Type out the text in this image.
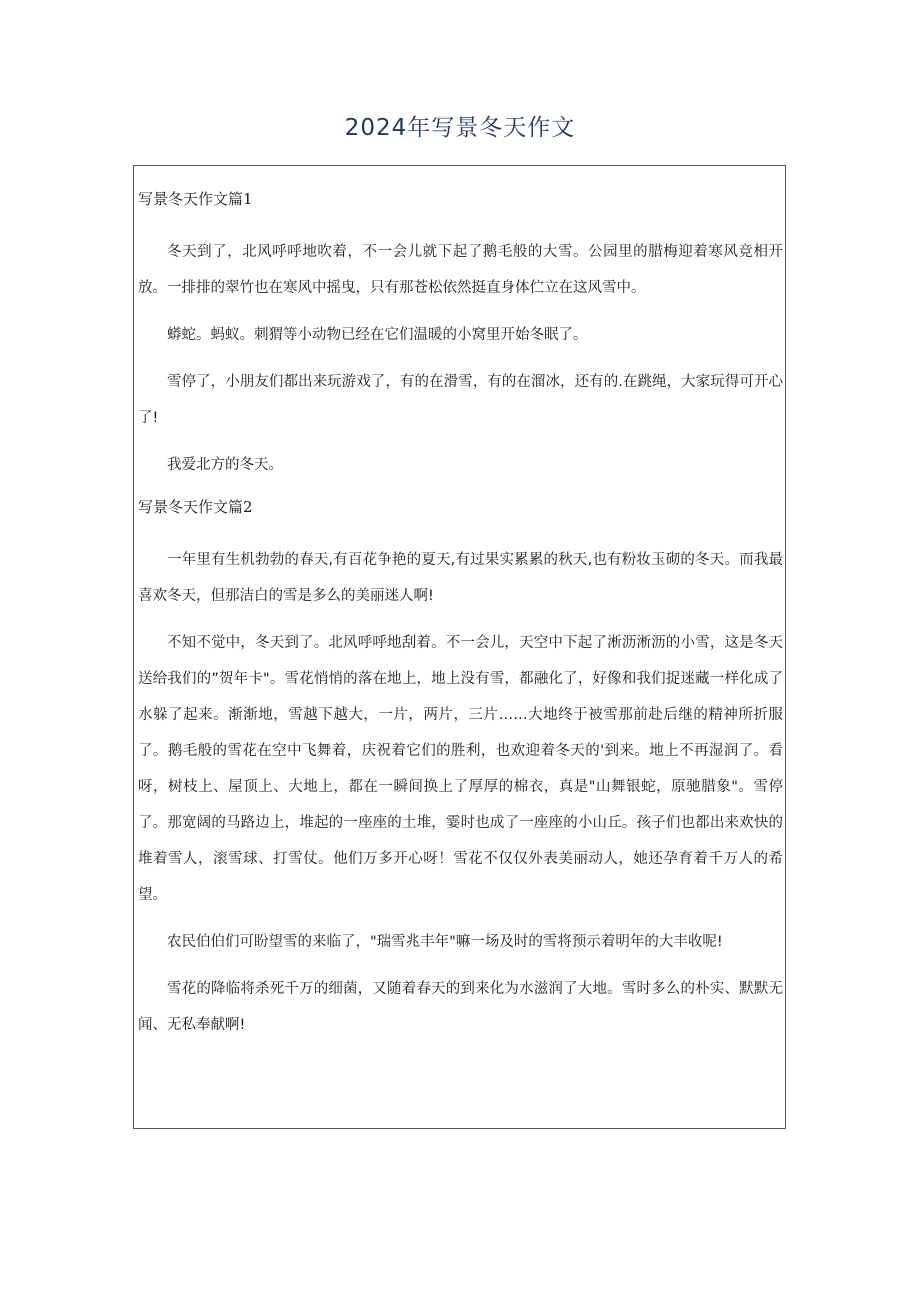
2024年写景冬天作文
写景冬天作文篇1

冬天到了，北风呼呼地吹着，不一会儿就下起了鹅毛般的大雪。公园里的腊梅迎着寒风竞相开放。一排排的翠竹也在寒风中摇曳，只有那苍松依然挺直身体伫立在这风雪中。

蟒蛇。蚂蚁。刺猬等小动物已经在它们温暖的小窝里开始冬眠了。

雪停了，小朋友们都出来玩游戏了，有的在滑雪，有的在溜冰，还有的.在跳绳，大家玩得可开心了!

我爱北方的冬天。

写景冬天作文篇2

一年里有生机勃勃的春天,有百花争艳的夏天,有过果实累累的秋天,也有粉妆玉砌的冬天。而我最喜欢冬天，但那洁白的雪是多么的美丽迷人啊!

不知不觉中，冬天到了。北风呼呼地刮着。不一会儿，天空中下起了淅沥淅沥的小雪，这是冬天送给我们的”贺年卡"。雪花悄悄的落在地上，地上没有雪，都融化了，好像和我们捉迷藏一样化成了水躲了起来。渐渐地，雪越下越大，一片，两片，三片……大地终于被雪那前赴后继的精神所折服了。鹅毛般的雪花在空中飞舞着，庆祝着它们的胜利，也欢迎着冬天的'到来。地上不再湿润了。看呀，树枝上、屋顶上、大地上，都在一瞬间换上了厚厚的棉衣，真是"山舞银蛇，原驰腊象"。雪停了。那宽阔的马路边上，堆起的一座座的土堆，霎时也成了一座座的小山丘。孩子们也都出来欢快的堆着雪人，滚雪球、打雪仗。他们万多开心呀！雪花不仅仅外表美丽动人，她还孕育着千万人的希望。

农民伯伯们可盼望雪的来临了，"瑞雪兆丰年"嘛一场及时的雪将预示着明年的大丰收呢!

雪花的降临将杀死千万的细菌，又随着春天的到来化为水滋润了大地。雪时多么的朴实、默默无闻、无私奉献啊!
